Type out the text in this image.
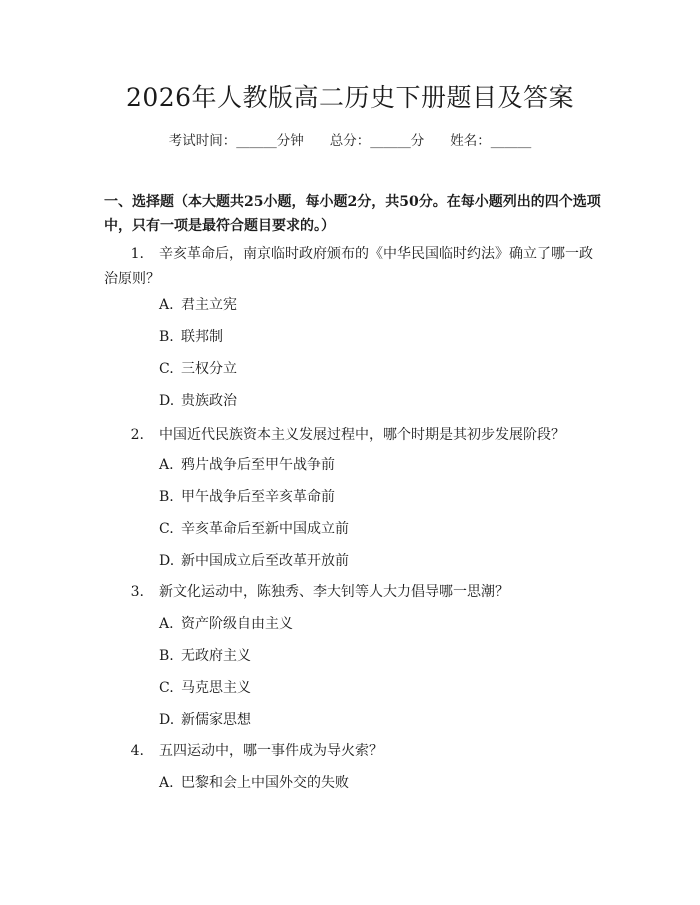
2026年人教版高二历史下册题目及答案
考试时间：______分钟 总分：______分 姓名：______
一、选择题（本大题共25小题，每小题2分，共50分。在每小题列出的四个选项中，只有一项是最符合题目要求的。）
1. 辛亥革命后，南京临时政府颁布的《中华民国临时约法》确立了哪一政治原则？
A. 君主立宪
B. 联邦制
C. 三权分立
D. 贵族政治
2. 中国近代民族资本主义发展过程中，哪个时期是其初步发展阶段？
A. 鸦片战争后至甲午战争前
B. 甲午战争后至辛亥革命前
C. 辛亥革命后至新中国成立前
D. 新中国成立后至改革开放前
3. 新文化运动中，陈独秀、李大钊等人大力倡导哪一思潮？
A. 资产阶级自由主义
B. 无政府主义
C. 马克思主义
D. 新儒家思想
4. 五四运动中，哪一事件成为导火索？
A. 巴黎和会上中国外交的失败
